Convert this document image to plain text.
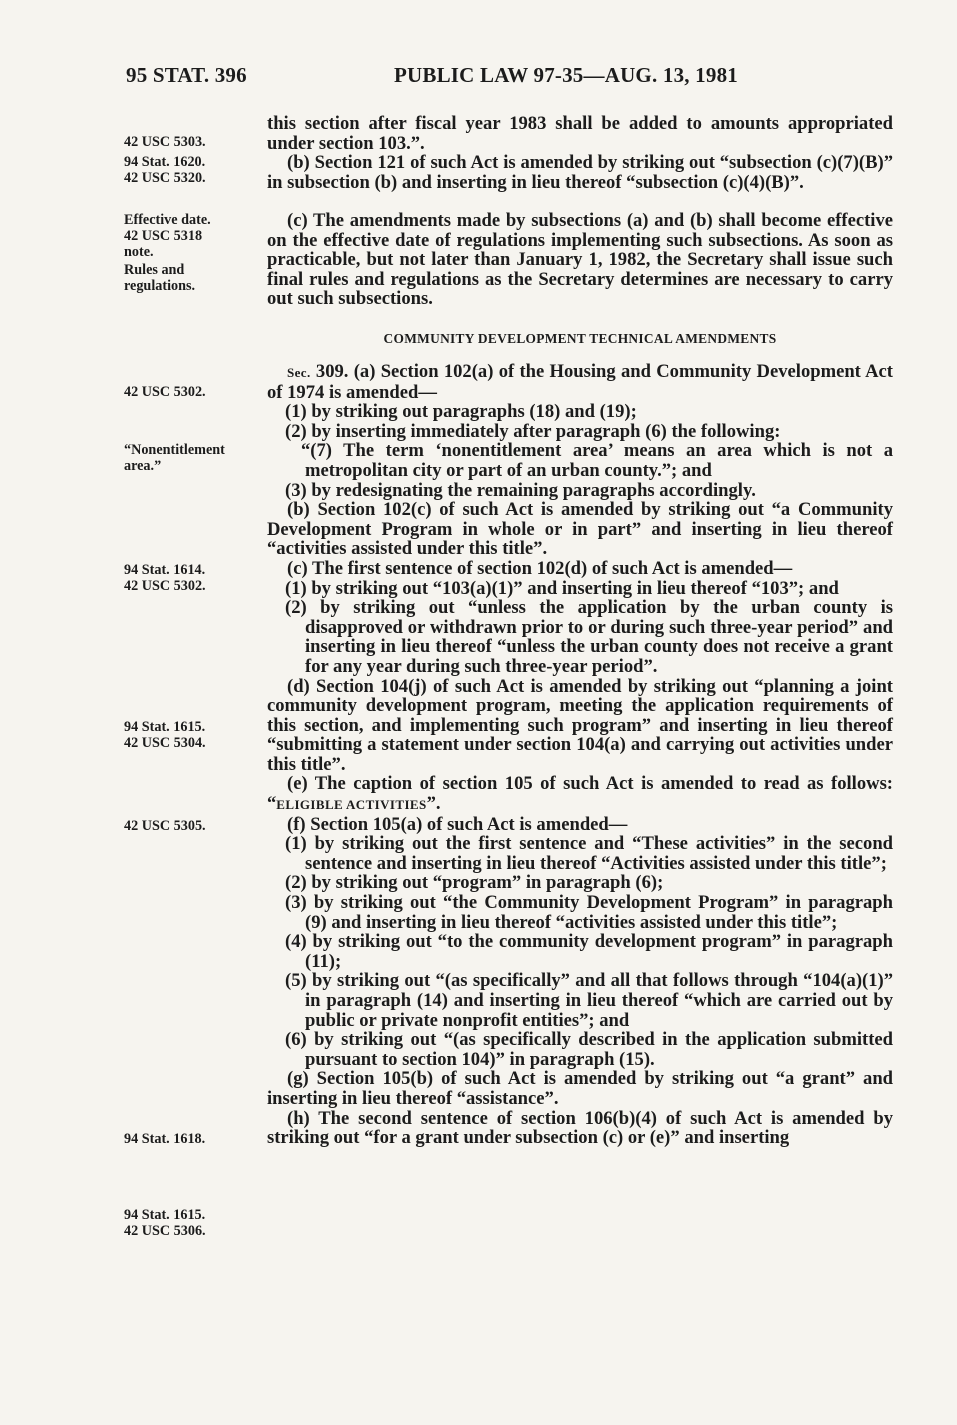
95 STAT. 396	PUBLIC LAW 97-35—AUG. 13, 1981
42 USC 5303.
94 Stat. 1620.
42 USC 5320.
Effective date.
42 USC 5318
note.
Rules and
regulations.
42 USC 5302.
“Nonentitlement
area.”
94 Stat. 1614.
42 USC 5302.
94 Stat. 1615.
42 USC 5304.
42 USC 5305.
94 Stat. 1618.
94 Stat. 1615.
42 USC 5306.

this section after fiscal year 1983 shall be added to amounts appropriated under section 103.”.

(b) Section 121 of such Act is amended by striking out “subsection (c)(7)(B)” in subsection (b) and inserting in lieu thereof “subsection (c)(4)(B)”.

(c) The amendments made by subsections (a) and (b) shall become effective on the effective date of regulations implementing such subsections. As soon as practicable, but not later than January 1, 1982, the Secretary shall issue such final rules and regulations as the Secretary determines are necessary to carry out such subsections.

COMMUNITY DEVELOPMENT TECHNICAL AMENDMENTS

Sec. 309. (a) Section 102(a) of the Housing and Community Development Act of 1974 is amended—

(1) by striking out paragraphs (18) and (19);

(2) by inserting immediately after paragraph (6) the following:

“(7) The term ‘nonentitlement area’ means an area which is not a metropolitan city or part of an urban county.”; and

(3) by redesignating the remaining paragraphs accordingly.

(b) Section 102(c) of such Act is amended by striking out “a Community Development Program in whole or in part” and inserting in lieu thereof “activities assisted under this title”.

(c) The first sentence of section 102(d) of such Act is amended—

(1) by striking out “103(a)(1)” and inserting in lieu thereof “103”; and

(2) by striking out “unless the application by the urban county is disapproved or withdrawn prior to or during such three-year period” and inserting in lieu thereof “unless the urban county does not receive a grant for any year during such three-year period”.

(d) Section 104(j) of such Act is amended by striking out “planning a joint community development program, meeting the application requirements of this section, and implementing such program” and inserting in lieu thereof “submitting a statement under section 104(a) and carrying out activities under this title”.

(e) The caption of section 105 of such Act is amended to read as follows: “ELIGIBLE ACTIVITIES”.

(f) Section 105(a) of such Act is amended—

(1) by striking out the first sentence and “These activities” in the second sentence and inserting in lieu thereof “Activities assisted under this title”;

(2) by striking out “program” in paragraph (6);

(3) by striking out “the Community Development Program” in paragraph (9) and inserting in lieu thereof “activities assisted under this title”;

(4) by striking out “to the community development program” in paragraph (11);

(5) by striking out “(as specifically” and all that follows through “104(a)(1)” in paragraph (14) and inserting in lieu thereof “which are carried out by public or private nonprofit entities”; and

(6) by striking out “(as specifically described in the application submitted pursuant to section 104)” in paragraph (15).

(g) Section 105(b) of such Act is amended by striking out “a grant” and inserting in lieu thereof “assistance”.

(h) The second sentence of section 106(b)(4) of such Act is amended by striking out “for a grant under subsection (c) or (e)” and inserting
